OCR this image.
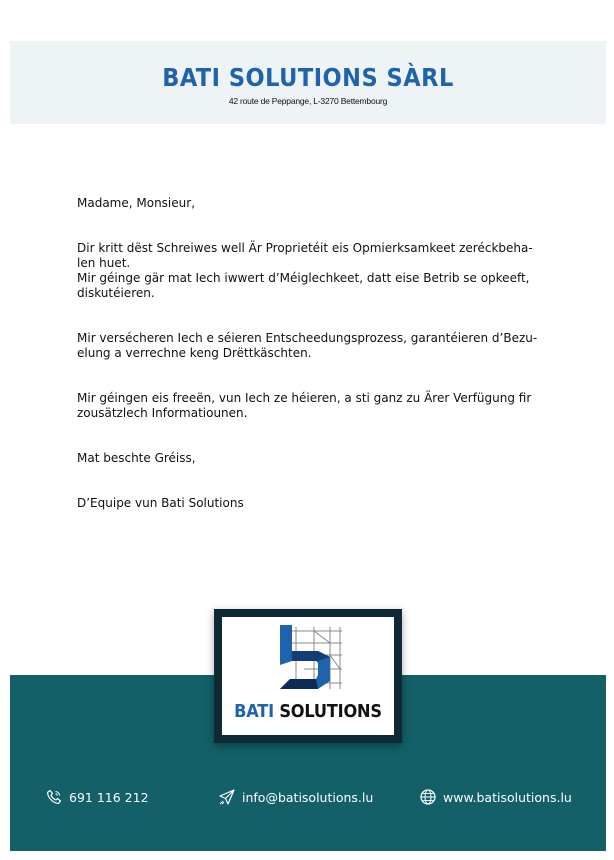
BATI SOLUTIONS SÀRL
42 route de Peppange, L-3270 Bettembourg

Madame, Monsieur,

Dir kritt dëst Schreiwes well Är Proprietéit eis Opmierksamkeet zeréckbeha-

len huet.

Mir géinge gär mat Iech iwwert d’Méiglechkeet, datt eise Betrib se opkeeft,

diskutéieren.

Mir versécheren Iech e séieren Entscheedungsprozess, garantéieren d’Bezu-

elung a verrechne keng Drëttkäschten.

Mir géingen eis freeën, vun Iech ze héieren, a sti ganz zu Ärer Verfügung fir

zousätzlech Informatiounen.

Mat beschte Gréiss,

D’Equipe vun Bati Solutions

BATI SOLUTIONS
691 116 212	info@batisolutions.lu	www.batisolutions.lu
